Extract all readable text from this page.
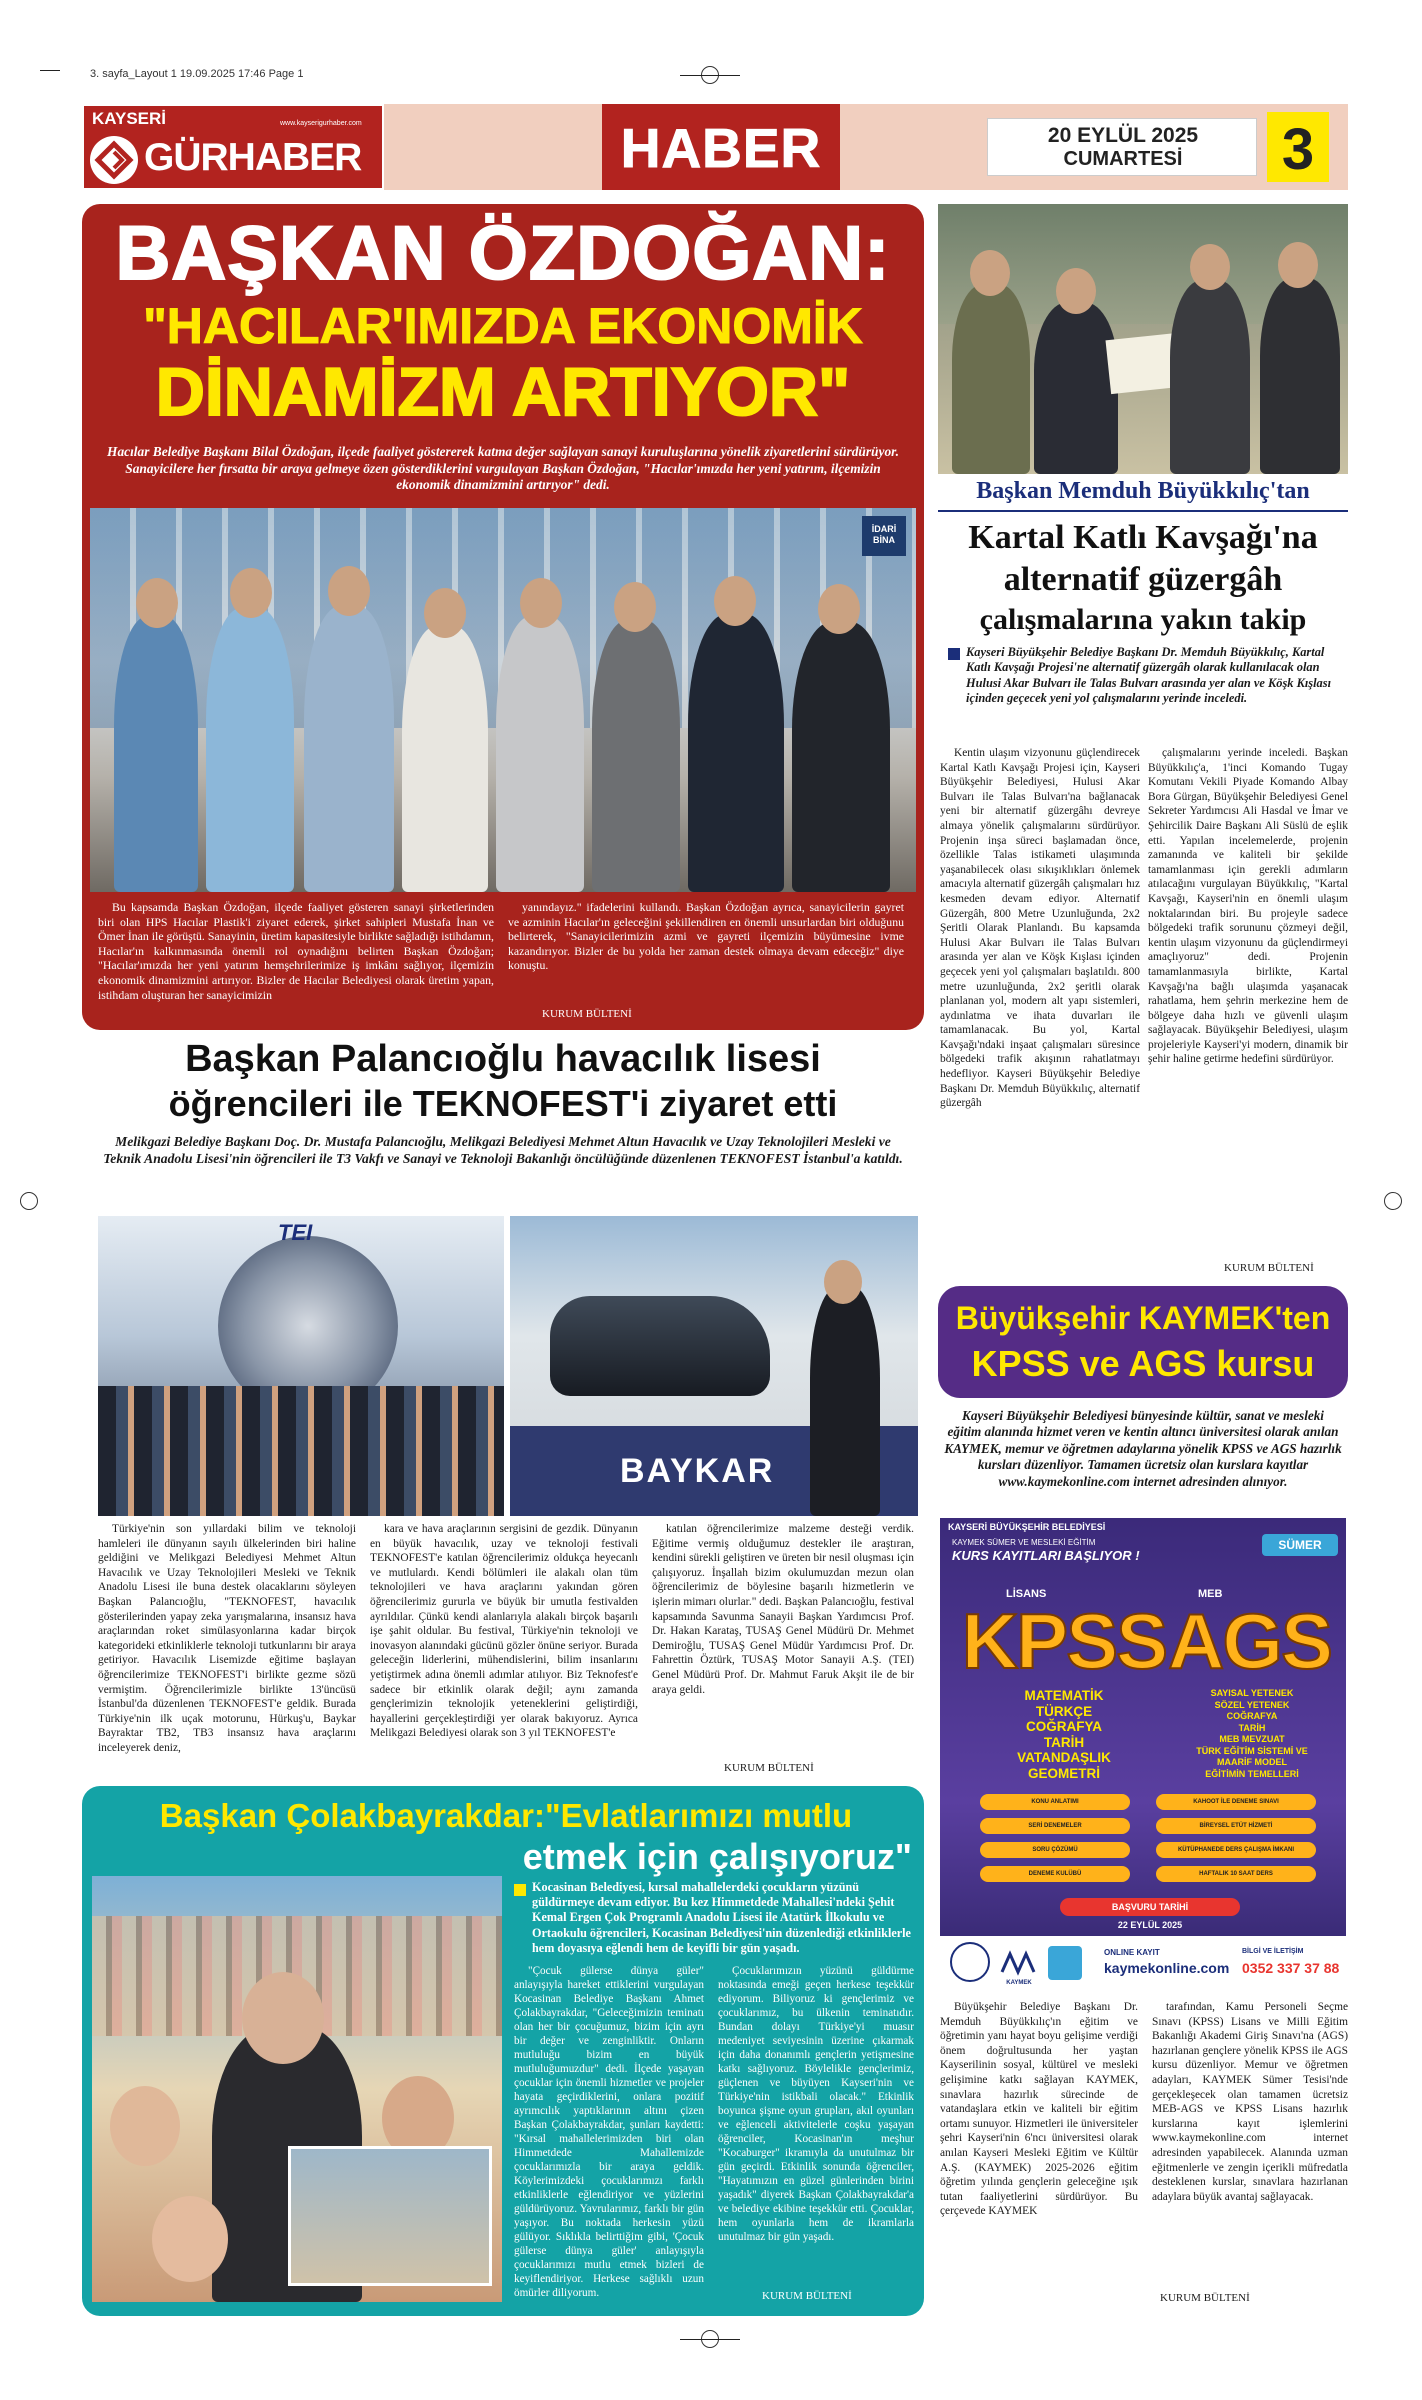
3. sayfa_Layout 1 19.09.2025 17:46 Page 1
KAYSERİ	www.kayserigurhaber.com
GÜRHABER	HABER	20 EYLÜL 2025
CUMARTESİ	3
BAŞKAN ÖZDOĞAN:
"HACILAR'IMIZDA EKONOMİK
DİNAMİZM ARTIYOR"
Hacılar Belediye Başkanı Bilal Özdoğan, ilçede faaliyet göstererek katma değer sağlayan sanayi kuruluşlarına yönelik ziyaretlerini sürdürüyor. Sanayicilere her fırsatta bir araya gelmeye özen gösterdiklerini vurgulayan Başkan Özdoğan, "Hacılar'ımızda her yeni yatırım, ilçemizin ekonomik dinamizmini artırıyor" dedi.
İDARİ BİNA

Bu kapsamda Başkan Özdoğan, ilçede faaliyet gösteren sanayi şirketlerinden biri olan HPS Hacılar Plastik'i ziyaret ederek, şirket sahipleri Mustafa İnan ve Ömer İnan ile görüştü. Sanayinin, üretim kapasitesiyle birlikte sağladığı istihdamın, Hacılar'ın kalkınmasında önemli rol oynadığını belirten Başkan Özdoğan; "Hacılar'ımızda her yeni yatırım hemşehrilerimize iş imkânı sağlıyor, ilçemizin ekonomik dinamizmini artırıyor. Bizler de Hacılar Belediyesi olarak üretim yapan, istihdam oluşturan her sanayicimizin

yanındayız." ifadelerini kullandı. Başkan Özdoğan ayrıca, sanayicilerin gayret ve azminin Hacılar'ın geleceğini şekillendiren en önemli unsurlardan biri olduğunu belirterek, "Sanayicilerimizin azmi ve gayreti ilçemizin büyümesine ivme kazandırıyor. Bizler de bu yolda her zaman destek olmaya devam edeceğiz" diye konuştu.

KURUM BÜLTENİ
Başkan Memduh Büyükkılıç'tan
Kartal Katlı Kavşağı'na
alternatif güzergâh
çalışmalarına yakın takip
Kayseri Büyükşehir Belediye Başkanı Dr. Memduh Büyükkılıç, Kartal Katlı Kavşağı Projesi'ne alternatif güzergâh olarak kullanılacak olan Hulusi Akar Bulvarı ile Talas Bulvarı arasında yer alan ve Köşk Kışlası içinden geçecek yeni yol çalışmalarını yerinde inceledi.

Kentin ulaşım vizyonunu güçlendirecek Kartal Katlı Kavşağı Projesi için, Kayseri Büyükşehir Belediyesi, Hulusi Akar Bulvarı ile Talas Bulvarı'na bağlanacak yeni bir alternatif güzergâhı devreye almaya yönelik çalışmalarını sürdürüyor. Projenin inşa süreci başlamadan önce, özellikle Talas istikameti ulaşımında yaşanabilecek olası sıkışıklıkları önlemek amacıyla alternatif güzergâh çalışmaları hız kesmeden devam ediyor. Alternatif Güzergâh, 800 Metre Uzunluğunda, 2x2 Şeritli Olarak Planlandı. Bu kapsamda Hulusi Akar Bulvarı ile Talas Bulvarı arasında yer alan ve Köşk Kışlası içinden geçecek yeni yol çalışmaları başlatıldı. 800 metre uzunluğunda, 2x2 şeritli olarak planlanan yol, modern alt yapı sistemleri, aydınlatma ve ihata duvarları ile tamamlanacak. Bu yol, Kartal Kavşağı'ndaki inşaat çalışmaları süresince bölgedeki trafik akışının rahatlatmayı hedefliyor. Kayseri Büyükşehir Belediye Başkanı Dr. Memduh Büyükkılıç, alternatif güzergâh

çalışmalarını yerinde inceledi. Başkan Büyükkılıç'a, 1'inci Komando Tugay Komutanı Vekili Piyade Komando Albay Bora Gürgan, Büyükşehir Belediyesi Genel Sekreter Yardımcısı Ali Hasdal ve İmar ve Şehircilik Daire Başkanı Ali Süslü de eşlik etti. Yapılan incelemelerde, projenin zamanında ve kaliteli bir şekilde tamamlanması için gerekli adımların atılacağını vurgulayan Büyükkılıç, "Kartal Kavşağı, Kayseri'nin en önemli ulaşım noktalarından biri. Bu projeyle sadece bölgedeki trafik sorununu çözmeyi değil, kentin ulaşım vizyonunu da güçlendirmeyi amaçlıyoruz" dedi. Projenin tamamlanmasıyla birlikte, Kartal Kavşağı'na bağlı ulaşımda yaşanacak rahatlama, hem şehrin merkezine hem de bölgeye daha hızlı ve güvenli ulaşım sağlayacak. Büyükşehir Belediyesi, ulaşım projeleriyle Kayseri'yi modern, dinamik bir şehir haline getirme hedefini sürdürüyor.

KURUM BÜLTENİ
Başkan Palancıoğlu havacılık lisesi
öğrencileri ile TEKNOFEST'i ziyaret etti
Melikgazi Belediye Başkanı Doç. Dr. Mustafa Palancıoğlu, Melikgazi Belediyesi Mehmet Altun Havacılık ve Uzay Teknolojileri Mesleki ve Teknik Anadolu Lisesi'nin öğrencileri ile T3 Vakfı ve Sanayi ve Teknoloji Bakanlığı öncülüğünde düzenlenen TEKNOFEST İstanbul'a katıldı.
TEI
BAYKAR

Türkiye'nin son yıllardaki bilim ve teknoloji hamleleri ile dünyanın sayılı ülkelerinden biri haline geldiğini ve Melikgazi Belediyesi Mehmet Altun Havacılık ve Uzay Teknolojileri Mesleki ve Teknik Anadolu Lisesi ile buna destek olacaklarını söyleyen Başkan Palancıoğlu, "TEKNOFEST, havacılık gösterilerinden yapay zeka yarışmalarına, insansız hava araçlarından roket simülasyonlarına kadar birçok kategorideki etkinliklerle teknoloji tutkunlarını bir araya getiriyor. Havacılık Lisemizde eğitime başlayan öğrencilerimize TEKNOFEST'i birlikte gezme sözü vermiştim. Öğrencilerimizle birlikte 13'üncüsü İstanbul'da düzenlenen TEKNOFEST'e geldik. Burada Türkiye'nin ilk uçak motorunu, Hürkuş'u, Baykar Bayraktar TB2, TB3 insansız hava araçlarını inceleyerek deniz,

kara ve hava araçlarının sergisini de gezdik. Dünyanın en büyük havacılık, uzay ve teknoloji festivali TEKNOFEST'e katılan öğrencilerimiz oldukça heyecanlı ve mutlulardı. Kendi bölümleri ile alakalı olan tüm teknolojileri ve hava araçlarını yakından gören öğrencilerimiz gururla ve büyük bir umutla festivalden ayrıldılar. Çünkü kendi alanlarıyla alakalı birçok başarılı işe şahit oldular. Bu festival, Türkiye'nin teknoloji ve inovasyon alanındaki gücünü gözler önüne seriyor. Burada geleceğin liderlerini, mühendislerini, bilim insanlarını yetiştirmek adına önemli adımlar atılıyor. Biz Teknofest'e sadece bir etkinlik olarak değil; aynı zamanda gençlerimizin teknolojik yeteneklerini geliştirdiği, hayallerini gerçekleştirdiği yer olarak bakıyoruz. Ayrıca Melikgazi Belediyesi olarak son 3 yıl TEKNOFEST'e

katılan öğrencilerimize malzeme desteği verdik. Eğitime vermiş olduğumuz destekler ile araştıran, kendini sürekli geliştiren ve üreten bir nesil oluşması için çalışıyoruz. İnşallah bizim okulumuzdan mezun olan öğrencilerimiz de böylesine başarılı hizmetlerin ve işlerin mimarı olurlar." dedi. Başkan Palancıoğlu, festival kapsamında Savunma Sanayii Başkan Yardımcısı Prof. Dr. Hakan Karataş, TUSAŞ Genel Müdürü Dr. Mehmet Demiroğlu, TUSAŞ Genel Müdür Yardımcısı Prof. Dr. Fahrettin Öztürk, TUSAŞ Motor Sanayii A.Ş. (TEI) Genel Müdürü Prof. Dr. Mahmut Faruk Akşit ile de bir araya geldi.

KURUM BÜLTENİ
Büyükşehir KAYMEK'ten
KPSS ve AGS kursu
Kayseri Büyükşehir Belediyesi bünyesinde kültür, sanat ve mesleki eğitim alanında hizmet veren ve kentin altıncı üniversitesi olarak anılan KAYMEK, memur ve öğretmen adaylarına yönelik KPSS ve AGS hazırlık kursları düzenliyor. Tamamen ücretsiz olan kurslara kayıtlar www.kaymekonline.com internet adresinden alınıyor.
KAYSERİ BÜYÜKŞEHİR BELEDİYESİ
KAYMEK SÜMER VE MESLEKİ EĞİTİM
KURS KAYITLARI BAŞLIYOR !
SÜMER
LİSANS	MEB
KPSS AGS
MATEMATİK
TÜRKÇE
COĞRAFYA
TARİH
VATANDAŞLIK
GEOMETRİ
SAYISAL YETENEK
SÖZEL YETENEK
COĞRAFYA
TARİH
MEB MEVZUAT
TÜRK EĞİTİM SİSTEMİ VE
MAARİF MODEL
EĞİTİMİN TEMELLERİ
KONU ANLATIMI
SERİ DENEMELER
SORU ÇÖZÜMÜ
DENEME KULÜBÜ
KAHOOT İLE DENEME SINAVI
BİREYSEL ETÜT HİZMETİ
KÜTÜPHANEDE DERS ÇALIŞMA İMKANI
HAFTALIK 10 SAAT DERS
BAŞVURU TARİHİ
22 EYLÜL 2025
KAYMEK
ONLINE KAYIT
kaymekonline.com
BİLGİ VE İLETİŞİM
0352 337 37 88

Büyükşehir Belediye Başkanı Dr. Memduh Büyükkılıç'ın eğitim ve öğretimin yanı hayat boyu gelişime verdiği önem doğrultusunda her yaştan Kayserilinin sosyal, kültürel ve mesleki gelişimine katkı sağlayan KAYMEK, sınavlara hazırlık sürecinde de vatandaşlara etkin ve kaliteli bir eğitim ortamı sunuyor. Hizmetleri ile üniversiteler şehri Kayseri'nin 6'ncı üniversitesi olarak anılan Kayseri Mesleki Eğitim ve Kültür A.Ş. (KAYMEK) 2025-2026 eğitim öğretim yılında gençlerin geleceğine ışık tutan faaliyetlerini sürdürüyor. Bu çerçevede KAYMEK

tarafından, Kamu Personeli Seçme Sınavı (KPSS) Lisans ve Milli Eğitim Bakanlığı Akademi Giriş Sınavı'na (AGS) hazırlanan gençlere yönelik KPSS ile AGS kursu düzenliyor. Memur ve öğretmen adayları, KAYMEK Sümer Tesisi'nde gerçekleşecek olan tamamen ücretsiz MEB-AGS ve KPSS Lisans hazırlık kurslarına kayıt işlemlerini www.kaymekonline.com internet adresinden yapabilecek. Alanında uzman eğitmenlerle ve zengin içerikli müfredatla desteklenen kurslar, sınavlara hazırlanan adaylara büyük avantaj sağlayacak.

KURUM BÜLTENİ
Başkan Çolakbayrakdar:"Evlatlarımızı mutlu
etmek için çalışıyoruz"
Kocasinan Belediyesi, kırsal mahallelerdeki çocukların yüzünü güldürmeye devam ediyor. Bu kez Himmetdede Mahallesi'ndeki Şehit Kemal Ergen Çok Programlı Anadolu Lisesi ile Atatürk İlkokulu ve Ortaokulu öğrencileri, Kocasinan Belediyesi'nin düzenlediği etkinliklerle hem doyasıya eğlendi hem de keyifli bir gün yaşadı.

"Çocuk gülerse dünya güler" anlayışıyla hareket ettiklerini vurgulayan Kocasinan Belediye Başkanı Ahmet Çolakbayrakdar, "Geleceğimizin teminatı olan her bir çocuğumuz, bizim için ayrı bir değer ve zenginliktir. Onların mutluluğu bizim en büyük mutluluğumuzdur" dedi. İlçede yaşayan çocuklar için önemli hizmetler ve projeler hayata geçirdiklerini, onlara pozitif ayrımcılık yaptıklarının altını çizen Başkan Çolakbayrakdar, şunları kaydetti: "Kırsal mahallelerimizden biri olan Himmetdede Mahallemizde çocuklarımızla bir araya geldik. Köylerimizdeki çocuklarımızı farklı etkinliklerle eğlendiriyor ve yüzlerini güldürüyoruz. Yavrularımız, farklı bir gün yaşıyor. Bu noktada herkesin yüzü gülüyor. Sıklıkla belirttiğim gibi, 'Çocuk gülerse dünya güler' anlayışıyla çocuklarımızı mutlu etmek bizleri de keyiflendiriyor. Herkese sağlıklı uzun ömürler diliyorum.

Çocuklarımızın yüzünü güldürme noktasında emeği geçen herkese teşekkür ediyorum. Biliyoruz ki gençlerimiz ve çocuklarımız, bu ülkenin teminatıdır. Bundan dolayı Türkiye'yi muasır medeniyet seviyesinin üzerine çıkarmak için daha donanımlı gençlerin yetişmesine katkı sağlıyoruz. Böylelikle gençlerimiz, güçlenen ve büyüyen Kayseri'nin ve Türkiye'nin istikbali olacak." Etkinlik boyunca şişme oyun grupları, akıl oyunları ve eğlenceli aktivitelerle coşku yaşayan öğrenciler, Kocasinan'ın meşhur "Kocaburger" ikramıyla da unutulmaz bir gün geçirdi. Etkinlik sonunda öğrenciler, "Hayatımızın en güzel günlerinden birini yaşadık" diyerek Başkan Çolakbayrakdar'a ve belediye ekibine teşekkür etti. Çocuklar, hem oyunlarla hem de ikramlarla unutulmaz bir gün yaşadı.

KURUM BÜLTENİ
